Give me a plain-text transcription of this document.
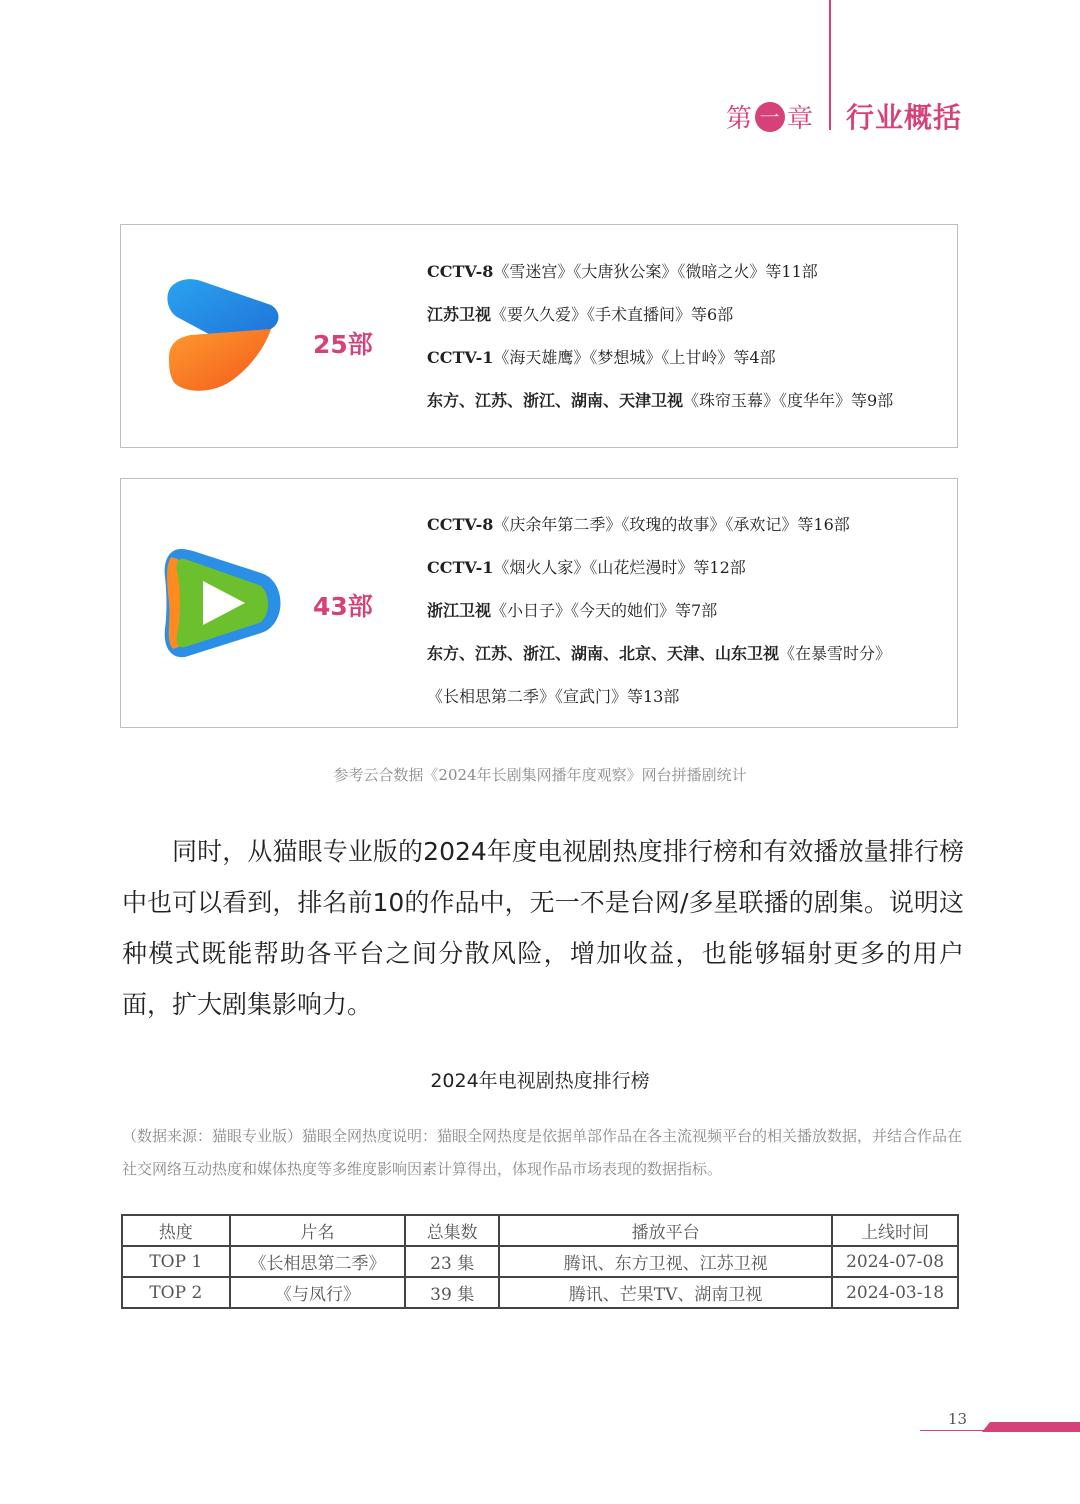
第 一 章 行业概括
25部
CCTV-8《雪迷宫》《大唐狄公案》《微暗之火》等11部
江苏卫视《要久久爱》《手术直播间》等6部
CCTV-1《海天雄鹰》《梦想城》《上甘岭》等4部
东方、江苏、浙江、湖南、天津卫视《珠帘玉幕》《度华年》等9部
43部
CCTV-8《庆余年第二季》《玫瑰的故事》《承欢记》等16部
CCTV-1《烟火人家》《山花烂漫时》等12部
浙江卫视《小日子》《今天的她们》等7部
东方、江苏、浙江、湖南、北京、天津、山东卫视《在暴雪时分》
《长相思第二季》《宣武门》等13部
参考云合数据《2024年长剧集网播年度观察》网台拼播剧统计

同时，从猫眼专业版的2024年度电视剧热度排行榜和有效播放量排行榜中也可以看到，排名前10的作品中，无一不是台网/多星联播的剧集。说明这种模式既能帮助各平台之间分散风险，增加收益，也能够辐射更多的用户面，扩大剧集影响力。

2024年电视剧热度排行榜
（数据来源：猫眼专业版）猫眼全网热度说明：猫眼全网热度是依据单部作品在各主流视频平台的相关播放数据，并结合作品在社交网络互动热度和媒体热度等多维度影响因素计算得出，体现作品市场表现的数据指标。
热度	片名	总集数	播放平台	上线时间
TOP 1	《长相思第二季》	23 集	腾讯、东方卫视、江苏卫视	2024-07-08
TOP 2	《与凤行》	39 集	腾讯、芒果TV、湖南卫视	2024-03-18
13
